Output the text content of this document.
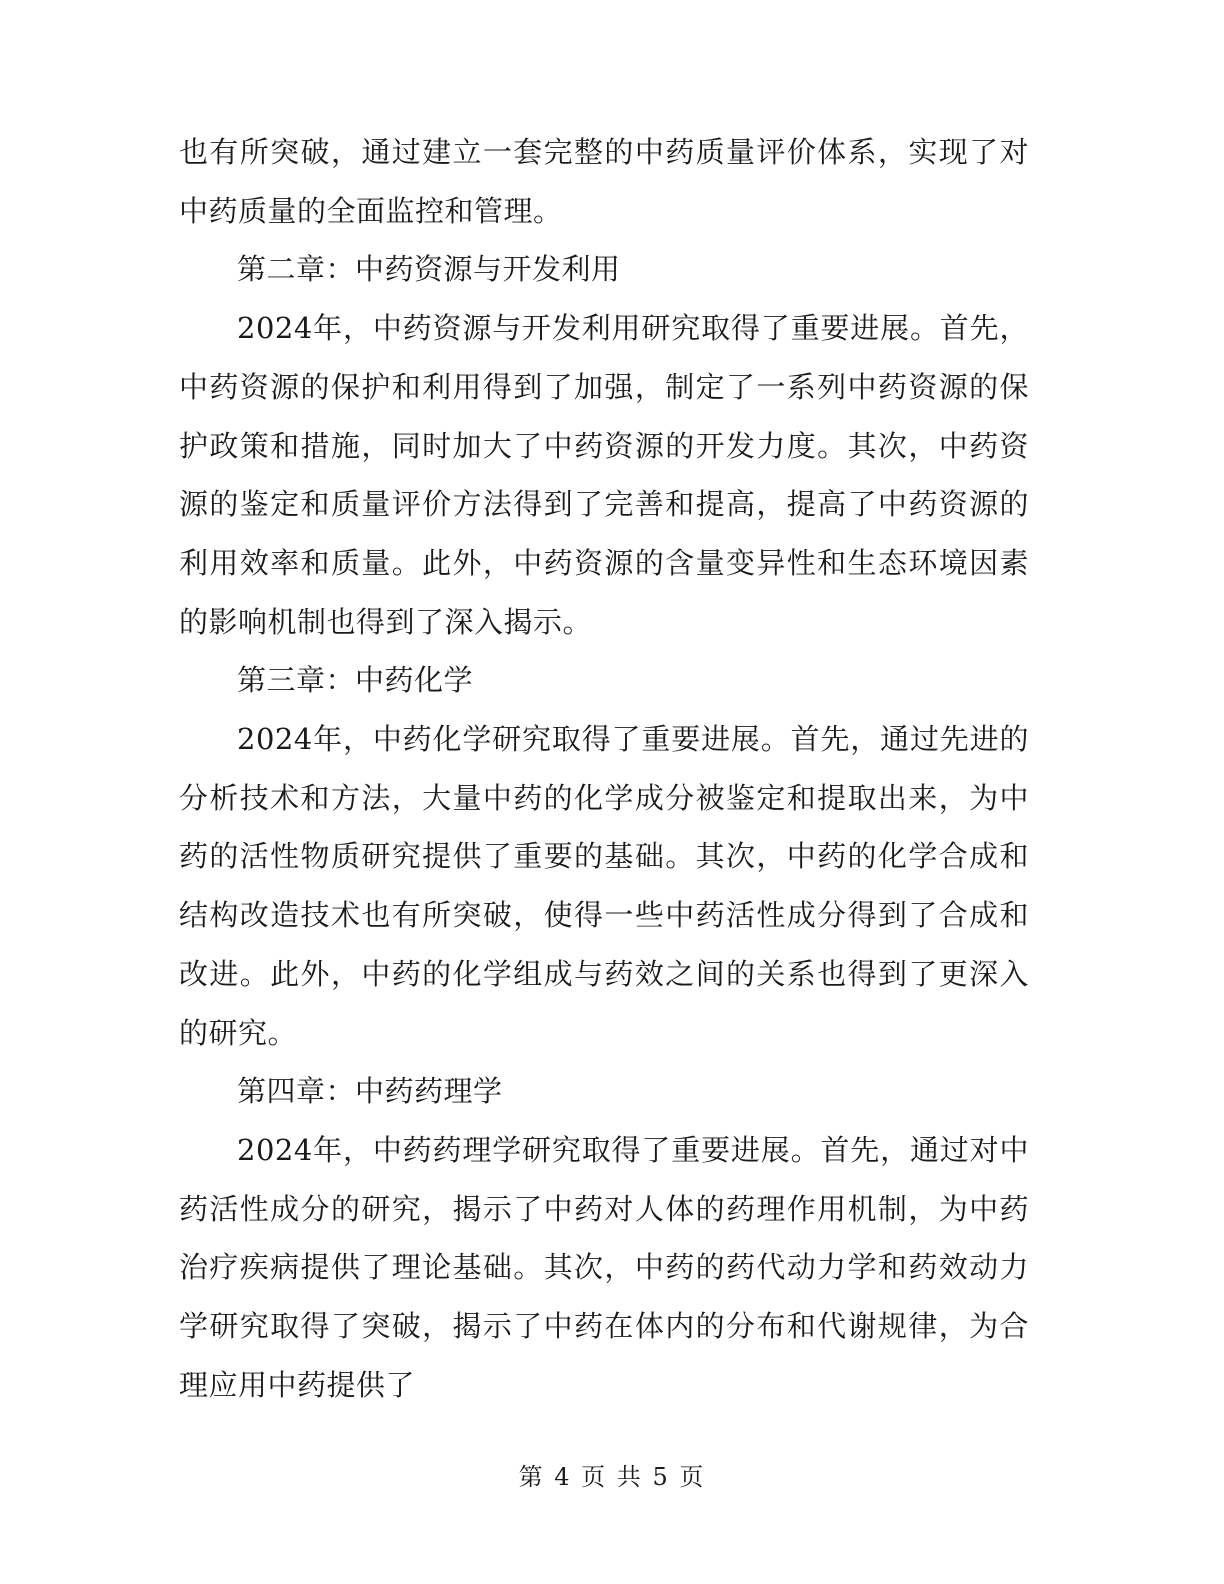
也有所突破，通过建立一套完整的中药质量评价体系，实现了对中药质量的全面监控和管理。

第二章：中药资源与开发利用

2024年，中药资源与开发利用研究取得了重要进展。首先，中药资源的保护和利用得到了加强，制定了一系列中药资源的保护政策和措施，同时加大了中药资源的开发力度。其次，中药资源的鉴定和质量评价方法得到了完善和提高，提高了中药资源的利用效率和质量。此外，中药资源的含量变异性和生态环境因素的影响机制也得到了深入揭示。

第三章：中药化学

2024年，中药化学研究取得了重要进展。首先，通过先进的分析技术和方法，大量中药的化学成分被鉴定和提取出来，为中药的活性物质研究提供了重要的基础。其次，中药的化学合成和结构改造技术也有所突破，使得一些中药活性成分得到了合成和改进。此外，中药的化学组成与药效之间的关系也得到了更深入的研究。

第四章：中药药理学

2024年，中药药理学研究取得了重要进展。首先，通过对中药活性成分的研究，揭示了中药对人体的药理作用机制，为中药治疗疾病提供了理论基础。其次，中药的药代动力学和药效动力学研究取得了突破，揭示了中药在体内的分布和代谢规律，为合理应用中药提供了

第 4 页 共 5 页
